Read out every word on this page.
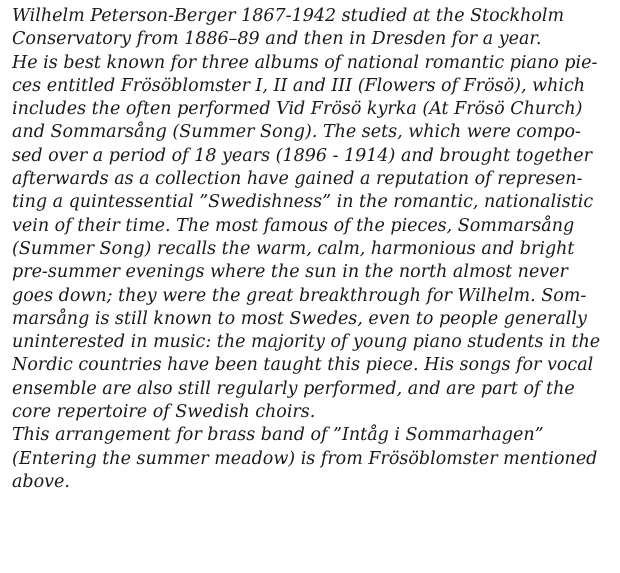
Wilhelm Peterson-Berger 1867-1942 studied at the Stockholm
Conservatory from 1886–89 and then in Dresden for a year.
He is best known for three albums of national romantic piano pie-
ces entitled Frösöblomster I, II and III (Flowers of Frösö), which
includes the often performed Vid Frösö kyrka (At Frösö Church)
and Sommarsång (Summer Song). The sets, which were compo-
sed over a period of 18 years (1896 - 1914) and brought together
afterwards as a collection have gained a reputation of represen-
ting a quintessential ”Swedishness” in the romantic, nationalistic
vein of their time. The most famous of the pieces, Sommarsång
(Summer Song) recalls the warm, calm, harmonious and bright
pre-summer evenings where the sun in the north almost never
goes down; they were the great breakthrough for Wilhelm. Som-
marsång is still known to most Swedes, even to people generally
uninterested in music: the majority of young piano students in the
Nordic countries have been taught this piece. His songs for vocal
ensemble are also still regularly performed, and are part of the
core repertoire of Swedish choirs.
This arrangement for brass band of ”Intåg i Sommarhagen”
(Entering the summer meadow) is from Frösöblomster mentioned
above.
